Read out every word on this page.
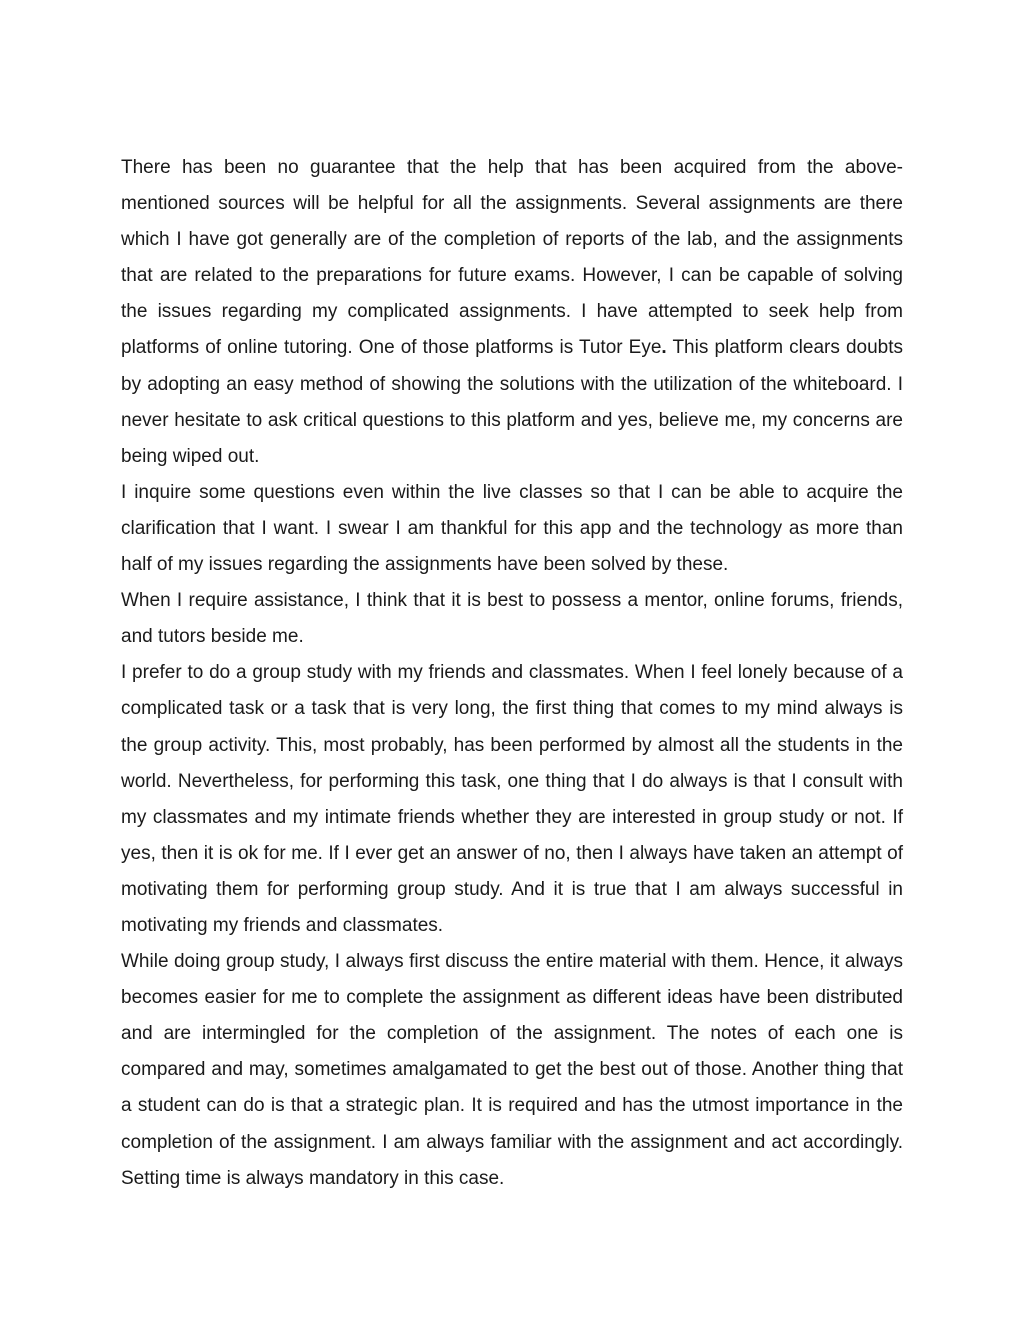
There has been no guarantee that the help that has been acquired from the above-mentioned sources will be helpful for all the assignments. Several assignments are there which I have got generally are of the completion of reports of the lab, and the assignments that are related to the preparations for future exams. However, I can be capable of solving the issues regarding my complicated assignments. I have attempted to seek help from platforms of online tutoring. One of those platforms is Tutor Eye. This platform clears doubts by adopting an easy method of showing the solutions with the utilization of the whiteboard. I never hesitate to ask critical questions to this platform and yes, believe me, my concerns are being wiped out.

I inquire some questions even within the live classes so that I can be able to acquire the clarification that I want. I swear I am thankful for this app and the technology as more than half of my issues regarding the assignments have been solved by these.

When I require assistance, I think that it is best to possess a mentor, online forums, friends, and tutors beside me.

I prefer to do a group study with my friends and classmates. When I feel lonely because of a complicated task or a task that is very long, the first thing that comes to my mind always is the group activity. This, most probably, has been performed by almost all the students in the world. Nevertheless, for performing this task, one thing that I do always is that I consult with my classmates and my intimate friends whether they are interested in group study or not. If yes, then it is ok for me. If I ever get an answer of no, then I always have taken an attempt of motivating them for performing group study. And it is true that I am always successful in motivating my friends and classmates.

While doing group study, I always first discuss the entire material with them. Hence, it always becomes easier for me to complete the assignment as different ideas have been distributed and are intermingled for the completion of the assignment. The notes of each one is compared and may, sometimes amalgamated to get the best out of those. Another thing that a student can do is that a strategic plan. It is required and has the utmost importance in the completion of the assignment. I am always familiar with the assignment and act accordingly. Setting time is always mandatory in this case.
